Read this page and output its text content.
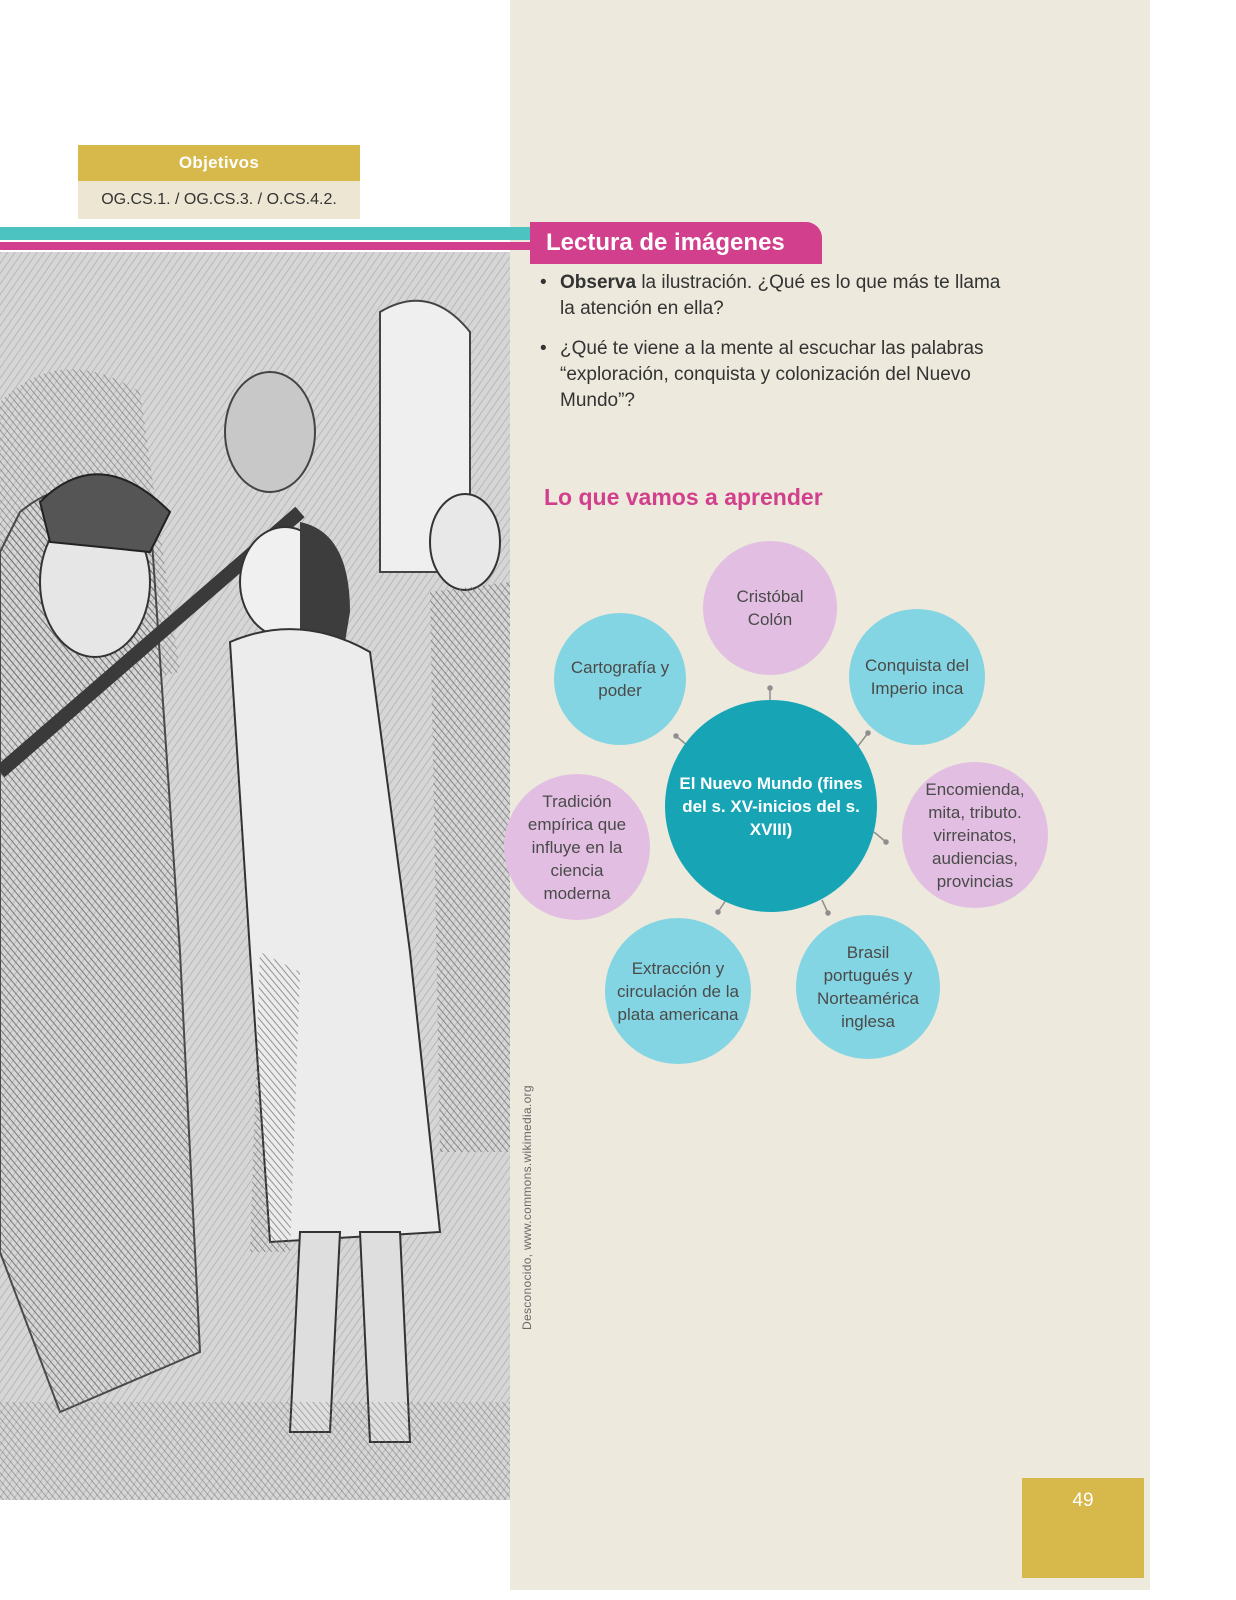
Objetivos
OG.CS.1. / OG.CS.3. / O.CS.4.2.
Desconocido, www.commons.wikimedia.org
Lectura de imágenes
• Observa la ilustración. ¿Qué es lo que más te llama la atención en ella?
• ¿Qué te viene a la mente al escuchar las palabras “exploración, conquista y colonización del Nuevo Mundo”?
Lo que vamos a aprender
Cristóbal Colón
Conquista del Imperio inca
Encomienda, mita, tributo. virreinatos, audiencias, provincias
Brasil portugués y Norteamérica inglesa
Extracción y circulación de la plata americana
Tradición empírica que influye en la ciencia moderna
Cartografía y poder
El Nuevo Mundo (fines del s. XV-inicios del s. XVIII)
49
